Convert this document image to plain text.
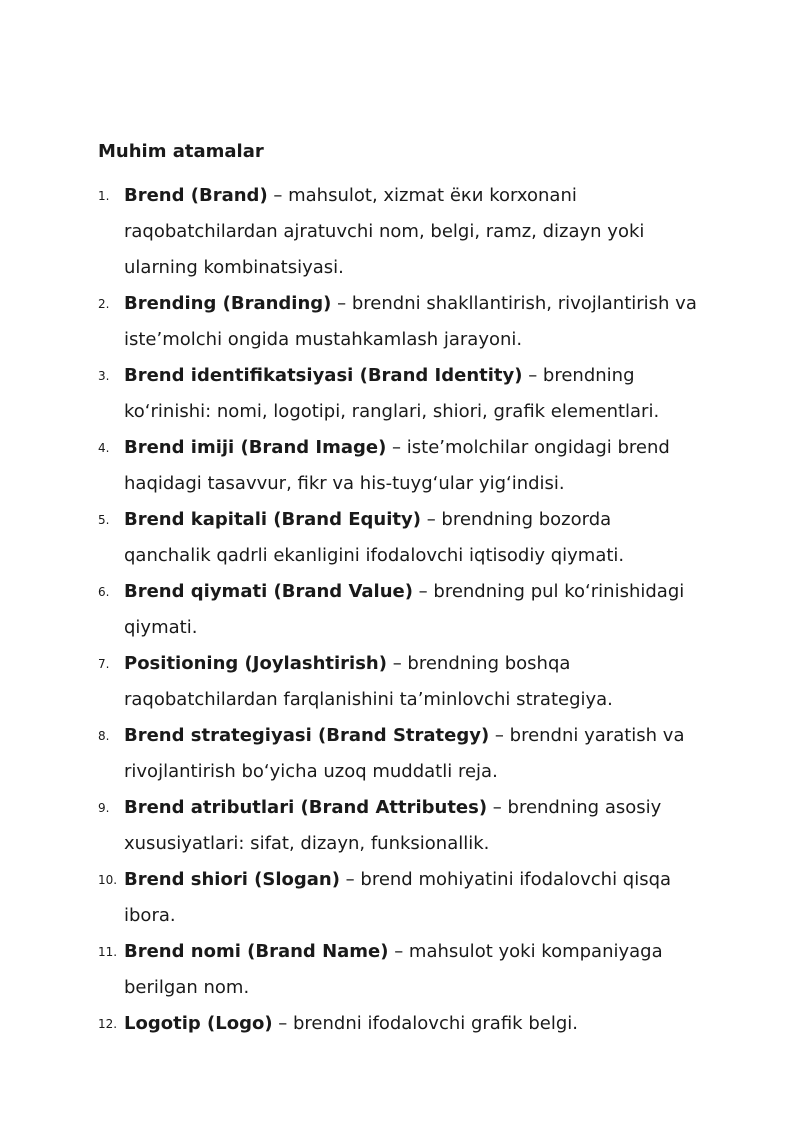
Muhim atamalar
1. Brend (Brand) – mahsulot, xizmat ёки korxonani raqobatchilardan ajratuvchi nom, belgi, ramz, dizayn yoki ularning kombinatsiyasi.
2. Brending (Branding) – brendni shakllantirish, rivojlantirish va iste’molchi ongida mustahkamlash jarayoni.
3. Brend identifikatsiyasi (Brand Identity) – brendning ko‘rinishi: nomi, logotipi, ranglari, shiori, grafik elementlari.
4. Brend imiji (Brand Image) – iste’molchilar ongidagi brend haqidagi tasavvur, fikr va his-tuyg‘ular yig‘indisi.
5. Brend kapitali (Brand Equity) – brendning bozorda qanchalik qadrli ekanligini ifodalovchi iqtisodiy qiymati.
6. Brend qiymati (Brand Value) – brendning pul ko‘rinishidagi qiymati.
7. Positioning (Joylashtirish) – brendning boshqa raqobatchilardan farqlanishini ta’minlovchi strategiya.
8. Brend strategiyasi (Brand Strategy) – brendni yaratish va rivojlantirish bo‘yicha uzoq muddatli reja.
9. Brend atributlari (Brand Attributes) – brendning asosiy xususiyatlari: sifat, dizayn, funksionallik.
10. Brend shiori (Slogan) – brend mohiyatini ifodalovchi qisqa ibora.
11. Brend nomi (Brand Name) – mahsulot yoki kompaniyaga berilgan nom.
12. Logotip (Logo) – brendni ifodalovchi grafik belgi.
